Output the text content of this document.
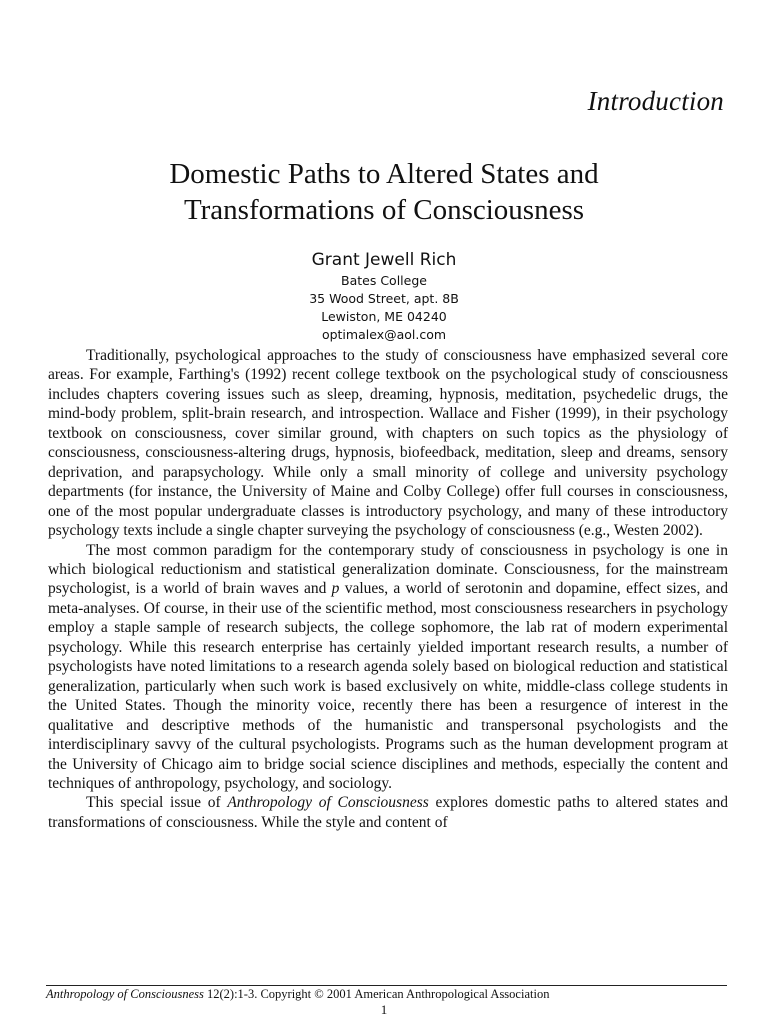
Introduction
Domestic Paths to Altered States and
Transformations of Consciousness
Grant Jewell Rich
Bates College
35 Wood Street, apt. 8B
Lewiston, ME 04240
optimalex@aol.com

Traditionally, psychological approaches to the study of consciousness have emphasized several core areas. For example, Farthing's (1992) recent college textbook on the psychological study of consciousness includes chapters covering issues such as sleep, dreaming, hypnosis, meditation, psychedelic drugs, the mind-body problem, split-brain research, and introspection. Wallace and Fisher (1999), in their psychology textbook on consciousness, cover similar ground, with chapters on such topics as the physiology of consciousness, consciousness-altering drugs, hypnosis, biofeedback, meditation, sleep and dreams, sensory deprivation, and parapsychology. While only a small minority of college and university psychology departments (for instance, the University of Maine and Colby College) offer full courses in consciousness, one of the most popular undergraduate classes is introductory psychology, and many of these introductory psychology texts include a single chapter surveying the psychology of consciousness (e.g., Westen 2002).

The most common paradigm for the contemporary study of consciousness in psychology is one in which biological reductionism and statistical generalization dominate. Consciousness, for the mainstream psychologist, is a world of brain waves and p values, a world of serotonin and dopamine, effect sizes, and meta-analyses. Of course, in their use of the scientific method, most consciousness researchers in psychology employ a staple sample of research subjects, the college sophomore, the lab rat of modern experimental psychology. While this research enterprise has certainly yielded important research results, a number of psychologists have noted limitations to a research agenda solely based on biological reduction and statistical generalization, particularly when such work is based exclusively on white, middle-class college students in the United States. Though the minority voice, recently there has been a resurgence of interest in the qualitative and descriptive methods of the humanistic and transpersonal psychologists and the interdisciplinary savvy of the cultural psychologists. Programs such as the human development program at the University of Chicago aim to bridge social science disciplines and methods, especially the content and techniques of anthropology, psychology, and sociology.

This special issue of Anthropology of Consciousness explores domestic paths to altered states and transformations of consciousness. While the style and content of

Anthropology of Consciousness 12(2):1-3. Copyright © 2001 American Anthropological Association
1
